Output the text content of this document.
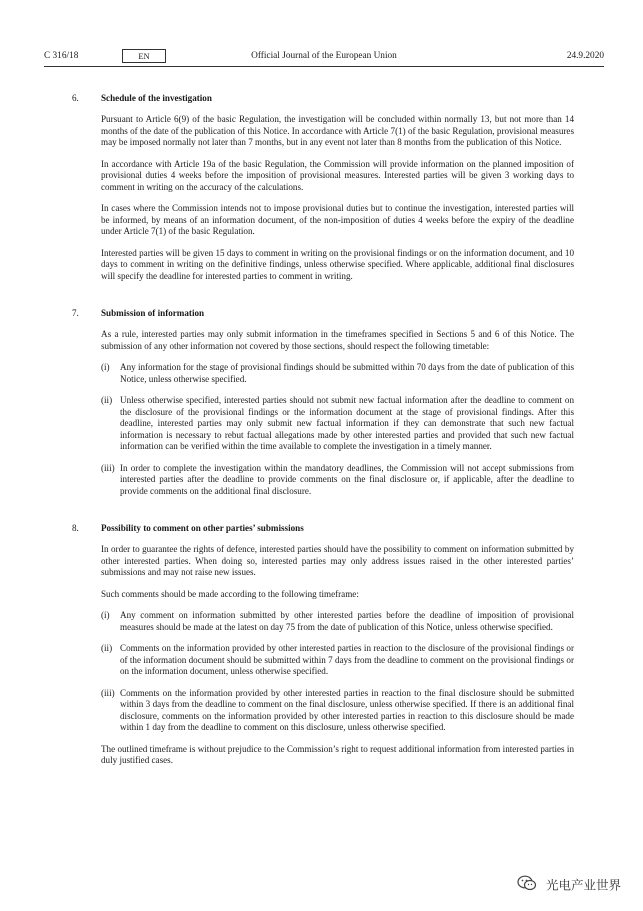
C 316/18	EN	Official Journal of the European Union	24.9.2020
6. Schedule of the investigation

Pursuant to Article 6(9) of the basic Regulation, the investigation will be concluded within normally 13, but not more than 14 months of the date of the publication of this Notice. In accordance with Article 7(1) of the basic Regulation, provisional measures may be imposed normally not later than 7 months, but in any event not later than 8 months from the publication of this Notice.

In accordance with Article 19a of the basic Regulation, the Commission will provide information on the planned imposition of provisional duties 4 weeks before the imposition of provisional measures. Interested parties will be given 3 working days to comment in writing on the accuracy of the calculations.

In cases where the Commission intends not to impose provisional duties but to continue the investigation, interested parties will be informed, by means of an information document, of the non-imposition of duties 4 weeks before the expiry of the deadline under Article 7(1) of the basic Regulation.

Interested parties will be given 15 days to comment in writing on the provisional findings or on the information document, and 10 days to comment in writing on the definitive findings, unless otherwise specified. Where applicable, additional final disclosures will specify the deadline for interested parties to comment in writing.

7. Submission of information

As a rule, interested parties may only submit information in the timeframes specified in Sections 5 and 6 of this Notice. The submission of any other information not covered by those sections, should respect the following timetable:

(i) Any information for the stage of provisional findings should be submitted within 70 days from the date of publication of this Notice, unless otherwise specified.
(ii) Unless otherwise specified, interested parties should not submit new factual information after the deadline to comment on the disclosure of the provisional findings or the information document at the stage of provisional findings. After this deadline, interested parties may only submit new factual information if they can demonstrate that such new factual information is necessary to rebut factual allegations made by other interested parties and provided that such new factual information can be verified within the time available to complete the investigation in a timely manner.
(iii) In order to complete the investigation within the mandatory deadlines, the Commission will not accept submissions from interested parties after the deadline to provide comments on the final disclosure or, if applicable, after the deadline to provide comments on the additional final disclosure.
8. Possibility to comment on other parties’ submissions

In order to guarantee the rights of defence, interested parties should have the possibility to comment on information submitted by other interested parties. When doing so, interested parties may only address issues raised in the other interested parties’ submissions and may not raise new issues.

Such comments should be made according to the following timeframe:

(i) Any comment on information submitted by other interested parties before the deadline of imposition of provisional measures should be made at the latest on day 75 from the date of publication of this Notice, unless otherwise specified.
(ii) Comments on the information provided by other interested parties in reaction to the disclosure of the provisional findings or of the information document should be submitted within 7 days from the deadline to comment on the provisional findings or on the information document, unless otherwise specified.
(iii) Comments on the information provided by other interested parties in reaction to the final disclosure should be submitted within 3 days from the deadline to comment on the final disclosure, unless otherwise specified. If there is an additional final disclosure, comments on the information provided by other interested parties in reaction to this disclosure should be made within 1 day from the deadline to comment on this disclosure, unless otherwise specified.

The outlined timeframe is without prejudice to the Commission’s right to request additional information from interested parties in duly justified cases.

光电产业世界
